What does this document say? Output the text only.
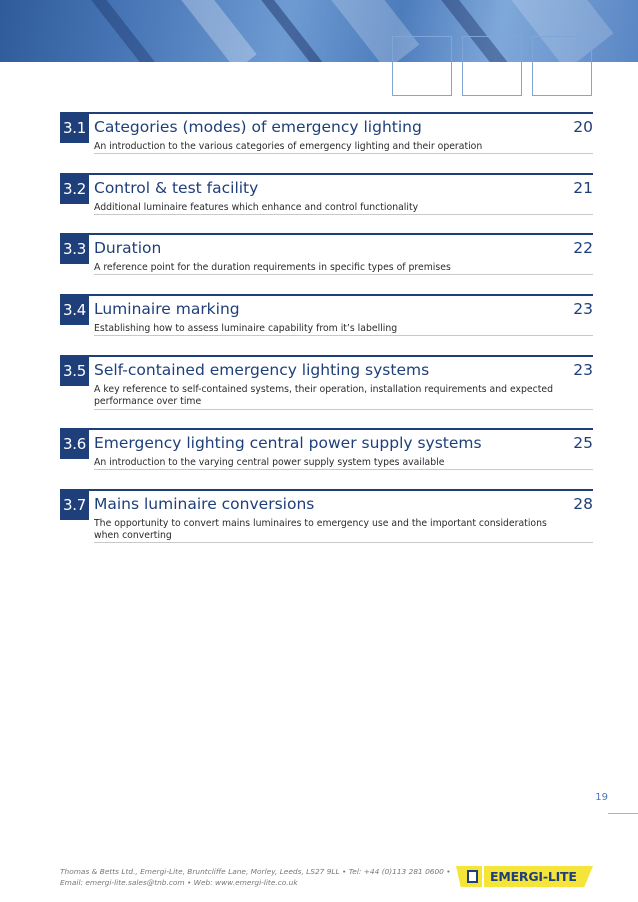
3.1 Categories (modes) of emergency lighting	20
An introduction to the various categories of emergency lighting and their operation
3.2 Control & test facility	21
Additional luminaire features which enhance and control functionality
3.3 Duration	22
A reference point for the duration requirements in specific types of premises
3.4 Luminaire marking	23
Establishing how to assess luminaire capability from it’s labelling
3.5 Self-contained emergency lighting systems	23
A key reference to self-contained systems, their operation, installation requirements and expected performance over time
3.6 Emergency lighting central power supply systems	25
An introduction to the varying central power supply system types available
3.7 Mains luminaire conversions	28
The opportunity to convert mains luminaires to emergency use and the important considerations when converting
19
Thomas & Betts Ltd., Emergi-Lite, Bruntcliffe Lane, Morley, Leeds, LS27 9LL • Tel: +44 (0)113 281 0600 •
Email: emergi-lite.sales@tnb.com • Web: www.emergi-lite.co.uk	EMERGI-LITE
